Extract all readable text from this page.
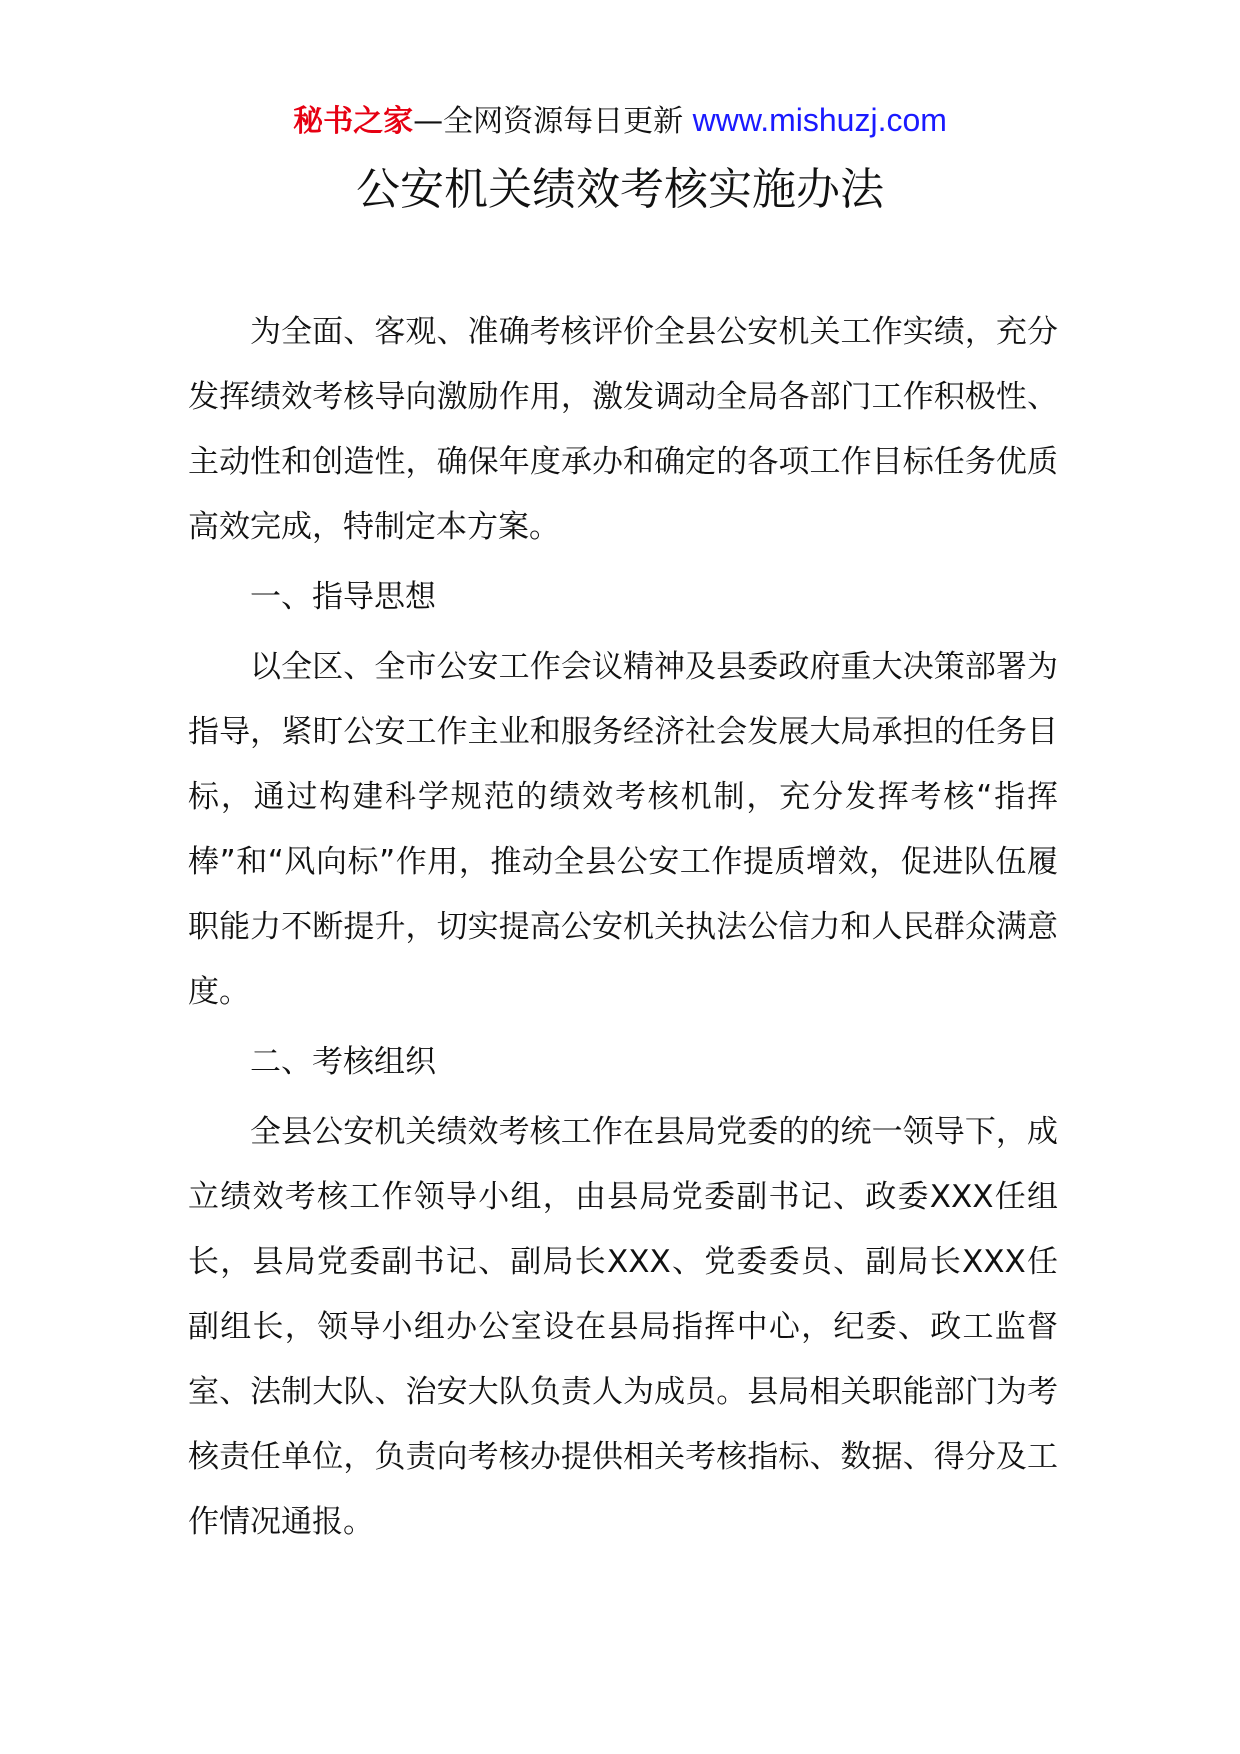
秘书之家—全网资源每日更新 www.mishuzj.com
公安机关绩效考核实施办法

为全面、客观、准确考核评价全县公安机关工作实绩，充分发挥绩效考核导向激励作用，激发调动全局各部门工作积极性、主动性和创造性，确保年度承办和确定的各项工作目标任务优质高效完成，特制定本方案。

一、指导思想

以全区、全市公安工作会议精神及县委政府重大决策部署为指导，紧盯公安工作主业和服务经济社会发展大局承担的任务目标，通过构建科学规范的绩效考核机制，充分发挥考核“指挥棒”和“风向标”作用，推动全县公安工作提质增效，促进队伍履职能力不断提升，切实提高公安机关执法公信力和人民群众满意度。

二、考核组织

全县公安机关绩效考核工作在县局党委的的统一领导下，成立绩效考核工作领导小组，由县局党委副书记、政委XXX任组长，县局党委副书记、副局长XXX、党委委员、副局长XXX任副组长，领导小组办公室设在县局指挥中心，纪委、政工监督室、法制大队、治安大队负责人为成员。县局相关职能部门为考核责任单位，负责向考核办提供相关考核指标、数据、得分及工作情况通报。
